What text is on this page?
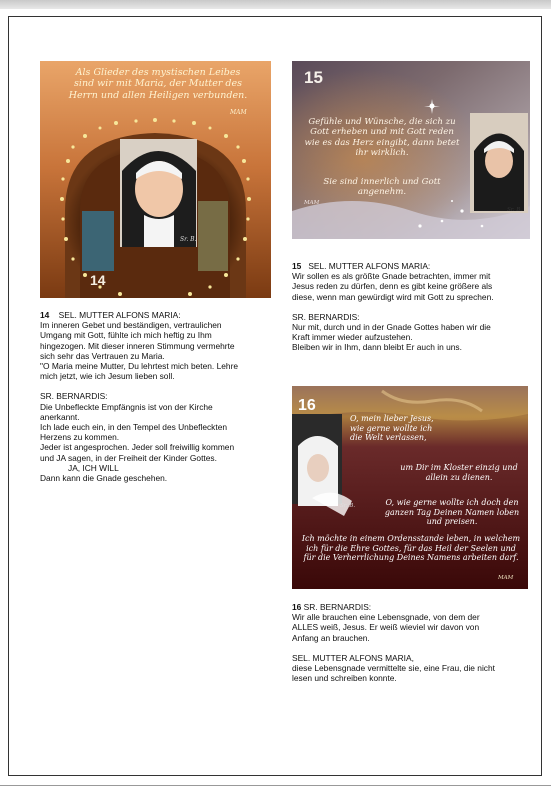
Als Glieder des mystischen Leibes sind wir mit Maria, der Mutter des Herrn und allen Heiligen verbunden.
MAM
Sr. B.
14
15
Gefühle und Wünsche, die sich zu Gott erheben und mit Gott reden wie es das Herz eingibt, dann betet ihr wirklich.
Sie sind innerlich und Gott angenehm.
MAM
Sr. B.
16
O, mein lieber Jesus, wie gerne wollte ich die Welt verlassen,
um Dir im Kloster einzig und allein zu dienen.
O, wie gerne wollte ich doch den ganzen Tag Deinen Namen loben und preisen.
Ich möchte in einem Ordensstande leben, in welchem ich für die Ehre Gottes, für das Heil der Seelen und für die Verherrlichung Deines Namens arbeiten darf.
MAM
Sr. B.

14 SEL. MUTTER ALFONS MARIA:

Im inneren Gebet und beständigen, vertraulichen

Umgang mit Gott, fühlte ich mich heftig zu Ihm

hingezogen. Mit dieser inneren Stimmung vermehrte

sich sehr das Vertrauen zu Maria.

"O Maria meine Mutter, Du lehrtest mich beten. Lehre

mich jetzt, wie ich Jesum lieben soll.

SR. BERNARDIS:

Die Unbefleckte Empfängnis ist von der Kirche

anerkannt.

Ich lade euch ein, in den Tempel des Unbefleckten

Herzens zu kommen.

Jeder ist angesprochen. Jeder soll freiwillig kommen

und JA sagen, in der Freiheit der Kinder Gottes.

JA, ICH WILL

Dann kann die Gnade geschehen.

15 SEL. MUTTER ALFONS MARIA:

Wir sollen es als größte Gnade betrachten, immer mit

Jesus reden zu dürfen, denn es gibt keine größere als

diese, wenn man gewürdigt wird mit Gott zu sprechen.

SR. BERNARDIS:

Nur mit, durch und in der Gnade Gottes haben wir die

Kraft immer wieder aufzustehen.

Bleiben wir in Ihm, dann bleibt Er auch in uns.

16 SR. BERNARDIS:

Wir alle brauchen eine Lebensgnade, von dem der

ALLES weiß, Jesus. Er weiß wieviel wir davon von

Anfang an brauchen.

SEL. MUTTER ALFONS MARIA,

diese Lebensgnade vermittelte sie, eine Frau, die nicht

lesen und schreiben konnte.
